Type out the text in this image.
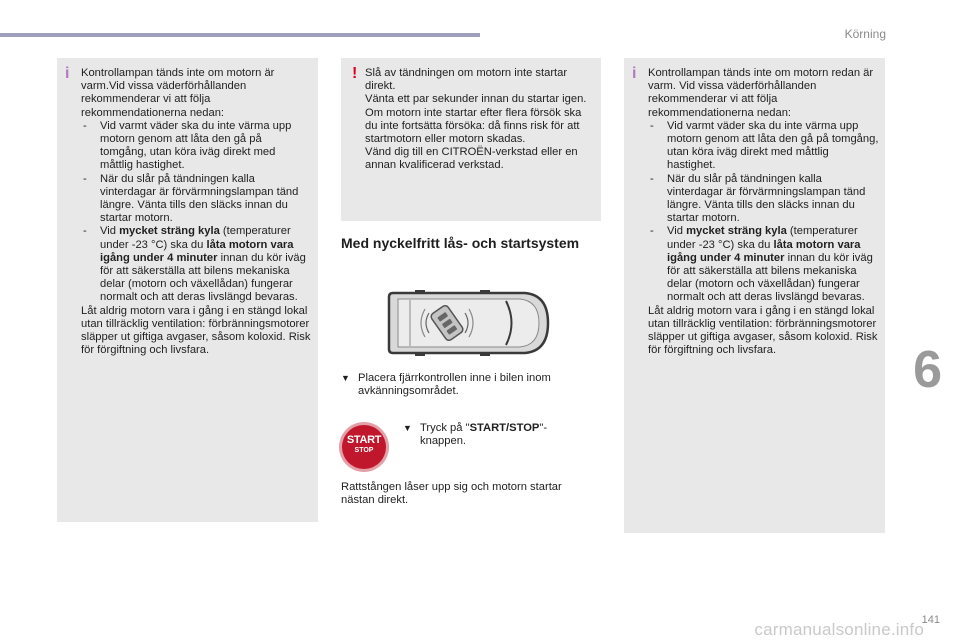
Körning
6
i Kontrollampan tänds inte om motorn är varm.Vid vissa väderförhållanden rekommenderar vi att följa rekommendationerna nedan:

- Vid varmt väder ska du inte värma upp motorn genom att låta den gå på tomgång, utan köra iväg direkt med måttlig hastighet.
- När du slår på tändningen kalla vinterdagar är förvärmningslampan tänd längre. Vänta tills den släcks innan du startar motorn.
- Vid mycket sträng kyla (temperaturer under -23 °C) ska du låta motorn vara igång under 4 minuter innan du kör iväg för att säkerställa att bilens mekaniska delar (motorn och växellådan) fungerar normalt och att deras livslängd bevaras.

Låt aldrig motorn vara i gång i en stängd lokal utan tillräcklig ventilation: förbränningsmotorer släpper ut giftiga avgaser, såsom koloxid. Risk för förgiftning och livsfara.

! Slå av tändningen om motorn inte startar direkt.

Vänta ett par sekunder innan du startar igen. Om motorn inte startar efter flera försök ska du inte fortsätta försöka: då finns risk för att startmotorn eller motorn skadas.

Vänd dig till en CITROËN-verkstad eller en annan kvalificerad verkstad.

Med nyckelfritt lås- och startsystem
▼ Placera fjärrkontrollen inne i bilen inom avkänningsområdet.
START
STOP
▼ Tryck på "START/STOP"-knappen.
Rattstången låser upp sig och motorn startar nästan direkt.
i Kontrollampan tänds inte om motorn redan är varm. Vid vissa väderförhållanden rekommenderar vi att följa rekommendationerna nedan:

- Vid varmt väder ska du inte värma upp motorn genom att låta den gå på tomgång, utan köra iväg direkt med måttlig hastighet.
- När du slår på tändningen kalla vinterdagar är förvärmningslampan tänd längre. Vänta tills den släcks innan du startar motorn.
- Vid mycket sträng kyla (temperaturer under -23 °C) ska du låta motorn vara igång under 4 minuter innan du kör iväg för att säkerställa att bilens mekaniska delar (motorn och växellådan) fungerar normalt och att deras livslängd bevaras.

Låt aldrig motorn vara i gång i en stängd lokal utan tillräcklig ventilation: förbränningsmotorer släpper ut giftiga avgaser, såsom koloxid. Risk för förgiftning och livsfara.

141
carmanualsonline.info
